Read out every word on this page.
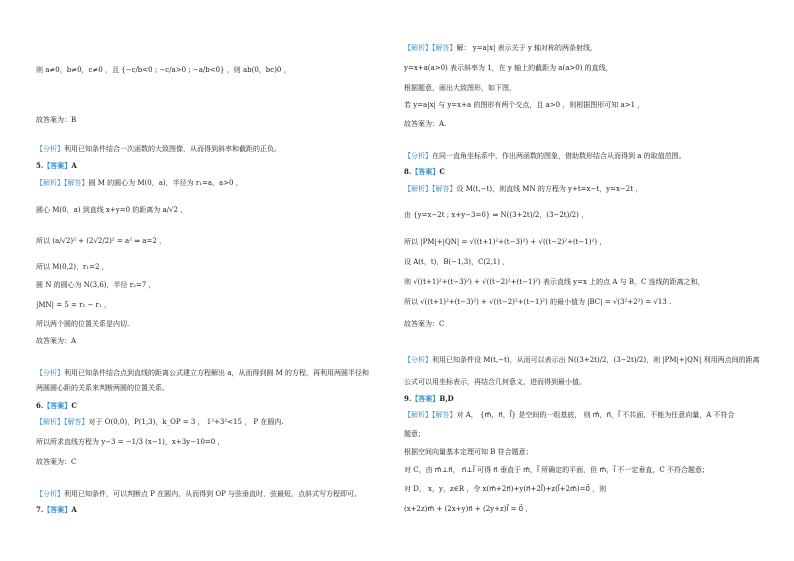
则 a≠0，b≠0，c≠0 ，且 {−c/b<0 ; −c/a>0 ; −a/b<0} ，则 ab(0，bc)0 ，
故答案为：B
【分析】利用已知条件结合一次函数的大致图像，从而得到斜率和截距的正负。
5.【答案】A
【解析】【解答】圆 M 的圆心为 M(0，a)，半径为 r₁=a，a>0 ，
圆心 M(0，a) 到直线 x+y=0 的距离为 a/√2 ，
所以 (a/√2)² + (2√2/2)² = a² ⇒ a=2 ，
所以 M(0,2)，r₁=2 ，
圆 N 的圆心为 N(3,6)，半径 r₂=7 ，
|MN| = 5 = r₂ − r₁ ，
所以两个圆的位置关系是内切.
故答案为：A
【分析】利用已知条件结合点到直线的距离公式建立方程解出 a，从而得到圆 M 的方程，再利用两圆半径和
两圆圆心距的关系来判断两圆的位置关系。
6.【答案】C
【解析】【解答】对于 O(0,0)，P(1,3)，k_OP = 3 ， 1²+3²<15 ， P 在圆内.
所以所求直线方程为 y−3 = −1/3 (x−1)，x+3y−10=0 ，
故答案为：C
【分析】利用已知条件，可以判断点 P 在圆内，从而得到 OP 与弦垂直时，弦最短，点斜式写方程即可。
7.【答案】A
【解析】【解答】解： y=a|x| 表示关于 y 轴对称的两条射线，
y=x+a(a>0) 表示斜率为 1，在 y 轴上的截距为 a(a>0) 的直线，
根据题意，画出大致图形，如下图，
若 y=a|x| 与 y=x+a 的图形有两个交点，且 a>0 ，则根据图形可知 a>1 ，
故答案为：A.
【分析】在同一直角坐标系中，作出两函数的图象，借助数形结合从而得到 a 的取值范围。
8.【答案】C
【解析】【解答】设 M(t,−t)，则直线 MN 的方程为 y+t=x−t，y=x−2t ，
由 {y=x−2t ; x+y−3=0} ⇒ N((3+2t)/2，(3−2t)/2) ，
所以 |PM|+|QN| = √((t+1)²+(t−3)²) + √((t−2)²+(t−1)²) ，
设 A(t，t)，B(−1,3)，C(2,1) ，
则 √((t+1)²+(t−3)²) + √((t−2)²+(t−1)²) 表示直线 y=x 上的点 A 与 B，C 连线的距离之和，
所以 √((t+1)²+(t−3)²) + √((t−2)²+(t−1)²) 的最小值为 |BC| = √(3²+2²) = √13 .
故答案为：C
【分析】利用已知条件设 M(t,−t)，从而可以表示出 N((3+2t)/2，(3−2t)/2)，则 |PM|+|QN| 利用两点间的距离
公式可以用坐标表示，再结合几何意义，进而得到最小值。
9.【答案】B,D
【解析】【解答】对 A， {m⃗，n⃗，l⃗} 是空间的一组基底， 则 m⃗，n⃗，l⃗ 不共面，不能为任意向量，A 不符合
题意；
根据空间向量基本定理可知 B 符合题意；
对 C，由 m⃗⊥n⃗， n⃗⊥l⃗ 可得 n⃗ 垂直于 m⃗，l⃗ 所确定的平面，但 m⃗，l⃗ 不一定垂直，C 不符合题意；
对 D， x，y，z∈R ，令 x(m⃗+2n⃗)+y(n⃗+2l⃗)+z(l⃗+2m⃗)=0⃗ ，则
(x+2z)m⃗ + (2x+y)n⃗ + (2y+z)l⃗ = 0⃗ ，
